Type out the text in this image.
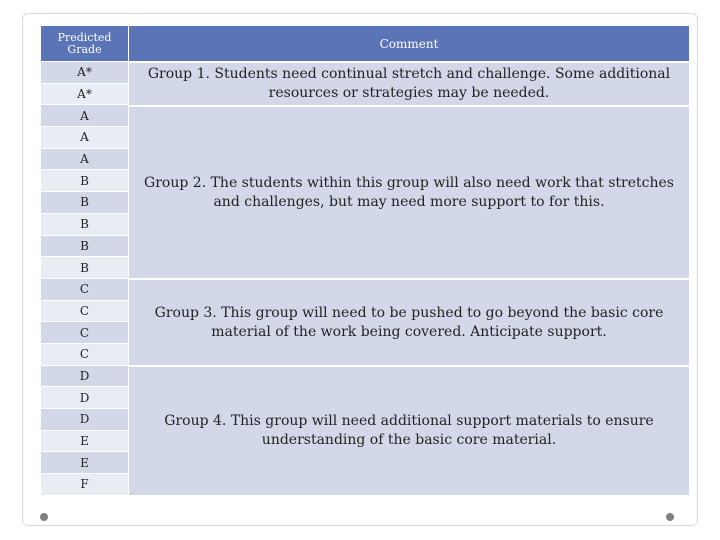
Predicted Grade
A*
A*
A
A
A
B
B
B
B
B
C
C
C
C
D
D
D
E
E
F
Comment
Group 1. Students need continual stretch and challenge. Some additional resources or strategies may be needed.
Group 2. The students within this group will also need work that stretches and challenges, but may need more support to for this.
Group 3. This group will need to be pushed to go beyond the basic core material of the work being covered. Anticipate support.
Group 4. This group will need additional support materials to ensure understanding of the basic core material.
